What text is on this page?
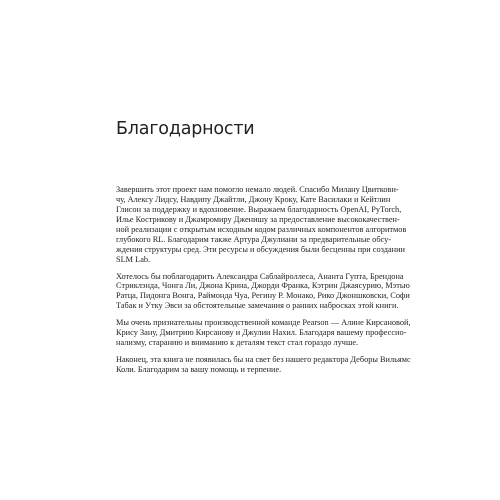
Благодарности

Завершить этот проект нам помогло немало людей. Спасибо Милану Цвиткови-
чу, Алексу Лидсу, Навдипу Джайтли, Джону Кроку, Кате Василаки и Кейтлин
Глисон за поддержку и вдохновение. Выражаем благодарность OpenAI, PyTorch,
Илье Кострикову и Джамромиру Дженишу за предоставление высококачествен-
ной реализации с открытым исходным кодом различных компонентов алгоритмов
глубокого RL. Благодарим также Артура Джулиани за предварительные обсу-
ждения структуры сред. Эти ресурсы и обсуждения были бесценны при создании
SLM Lab.

Хотелось бы поблагодарить Александра Саблайроллеса, Ананта Гупта, Брендона
Стриклэнда, Чонга Ли, Джона Крина, Джорди Франка, Кэтрин Джаясурию, Мэтью
Ратца, Пидонга Вонга, Раймонда Чуа, Регину Р. Монако, Рико Джоншковски, Софи
Табак и Утку Эвси за обстоятельные замечания о ранних набросках этой книги.

Мы очень признательны производственной команде Pearson — Алине Кирсановой,
Криcу Зану, Дмитрию Кирсанову и Джулии Нахил. Благодаря вашему профессио-
нализму, старанию и вниманию к деталям текст стал гораздо лучше.

Наконец, эта книга не появилась бы на свет без нашего редактора Деборы Вильямс
Коли. Благодарим за вашу помощь и терпение.
